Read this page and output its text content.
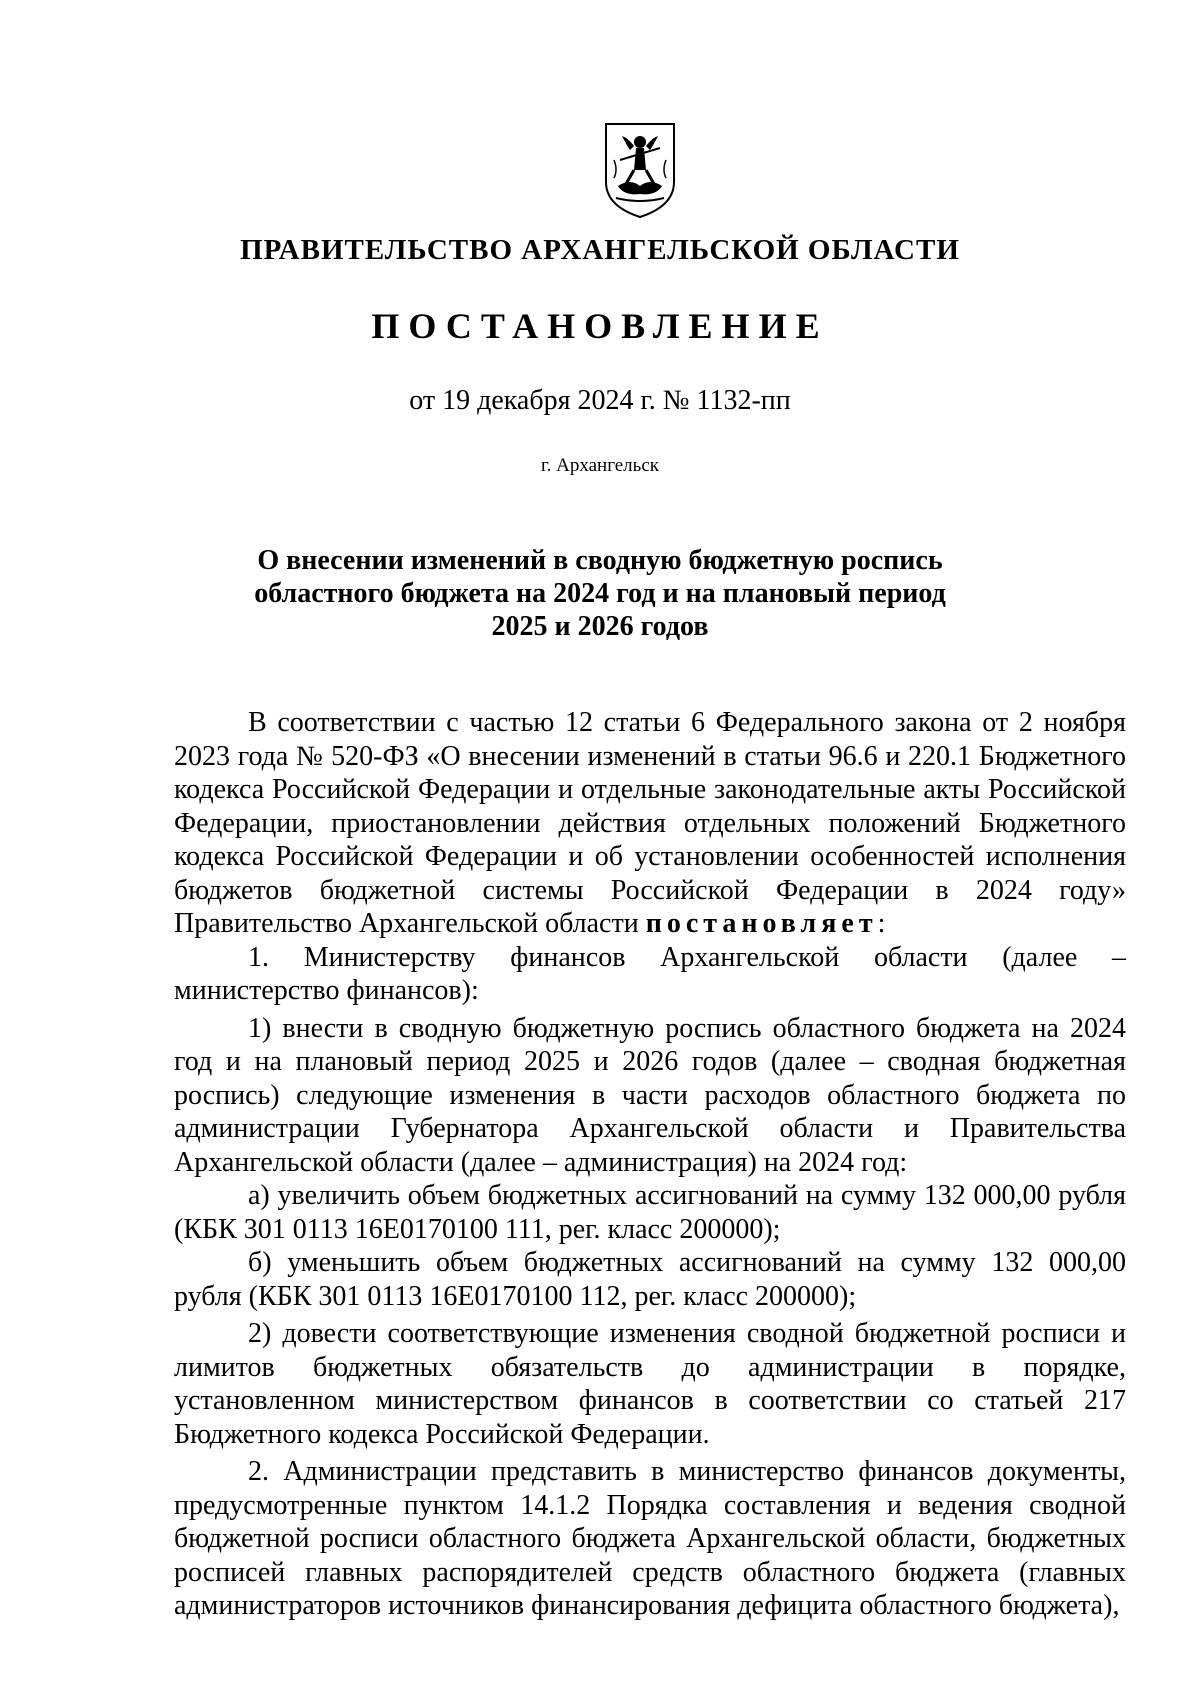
ПРАВИТЕЛЬСТВО АРХАНГЕЛЬСКОЙ ОБЛАСТИ
ПОСТАНОВЛЕНИЕ
от 19 декабря 2024 г. № 1132-пп
г. Архангельск
О внесении изменений в сводную бюджетную роспись
областного бюджета на 2024 год и на плановый период
2025 и 2026 годов

В соответствии с частью 12 статьи 6 Федерального закона от 2 ноября 2023 года № 520-ФЗ «О внесении изменений в статьи 96.6 и 220.1 Бюджетного кодекса Российской Федерации и отдельные законодательные акты Российской Федерации, приостановлении действия отдельных положений Бюджетного кодекса Российской Федерации и об установлении особенностей исполнения бюджетов бюджетной системы Российской Федерации в 2024 году» Правительство Архангельской области постановляет:

1. Министерству финансов Архангельской области (далее – министерство финансов):

1) внести в сводную бюджетную роспись областного бюджета на 2024 год и на плановый период 2025 и 2026 годов (далее – сводная бюджетная роспись) следующие изменения в части расходов областного бюджета по администрации Губернатора Архангельской области и Правительства Архангельской области (далее – администрация) на 2024 год:

а) увеличить объем бюджетных ассигнований на сумму 132 000,00 рубля (КБК 301 0113 16Е0170100 111, рег. класс 200000);

б) уменьшить объем бюджетных ассигнований на сумму 132 000,00 рубля (КБК 301 0113 16Е0170100 112, рег. класс 200000);

2) довести соответствующие изменения сводной бюджетной росписи и лимитов бюджетных обязательств до администрации в порядке, установленном министерством финансов в соответствии со статьей 217 Бюджетного кодекса Российской Федерации.

2. Администрации представить в министерство финансов документы, предусмотренные пунктом 14.1.2 Порядка составления и ведения сводной бюджетной росписи областного бюджета Архангельской области, бюджетных росписей главных распорядителей средств областного бюджета (главных администраторов источников финансирования дефицита областного бюджета),
